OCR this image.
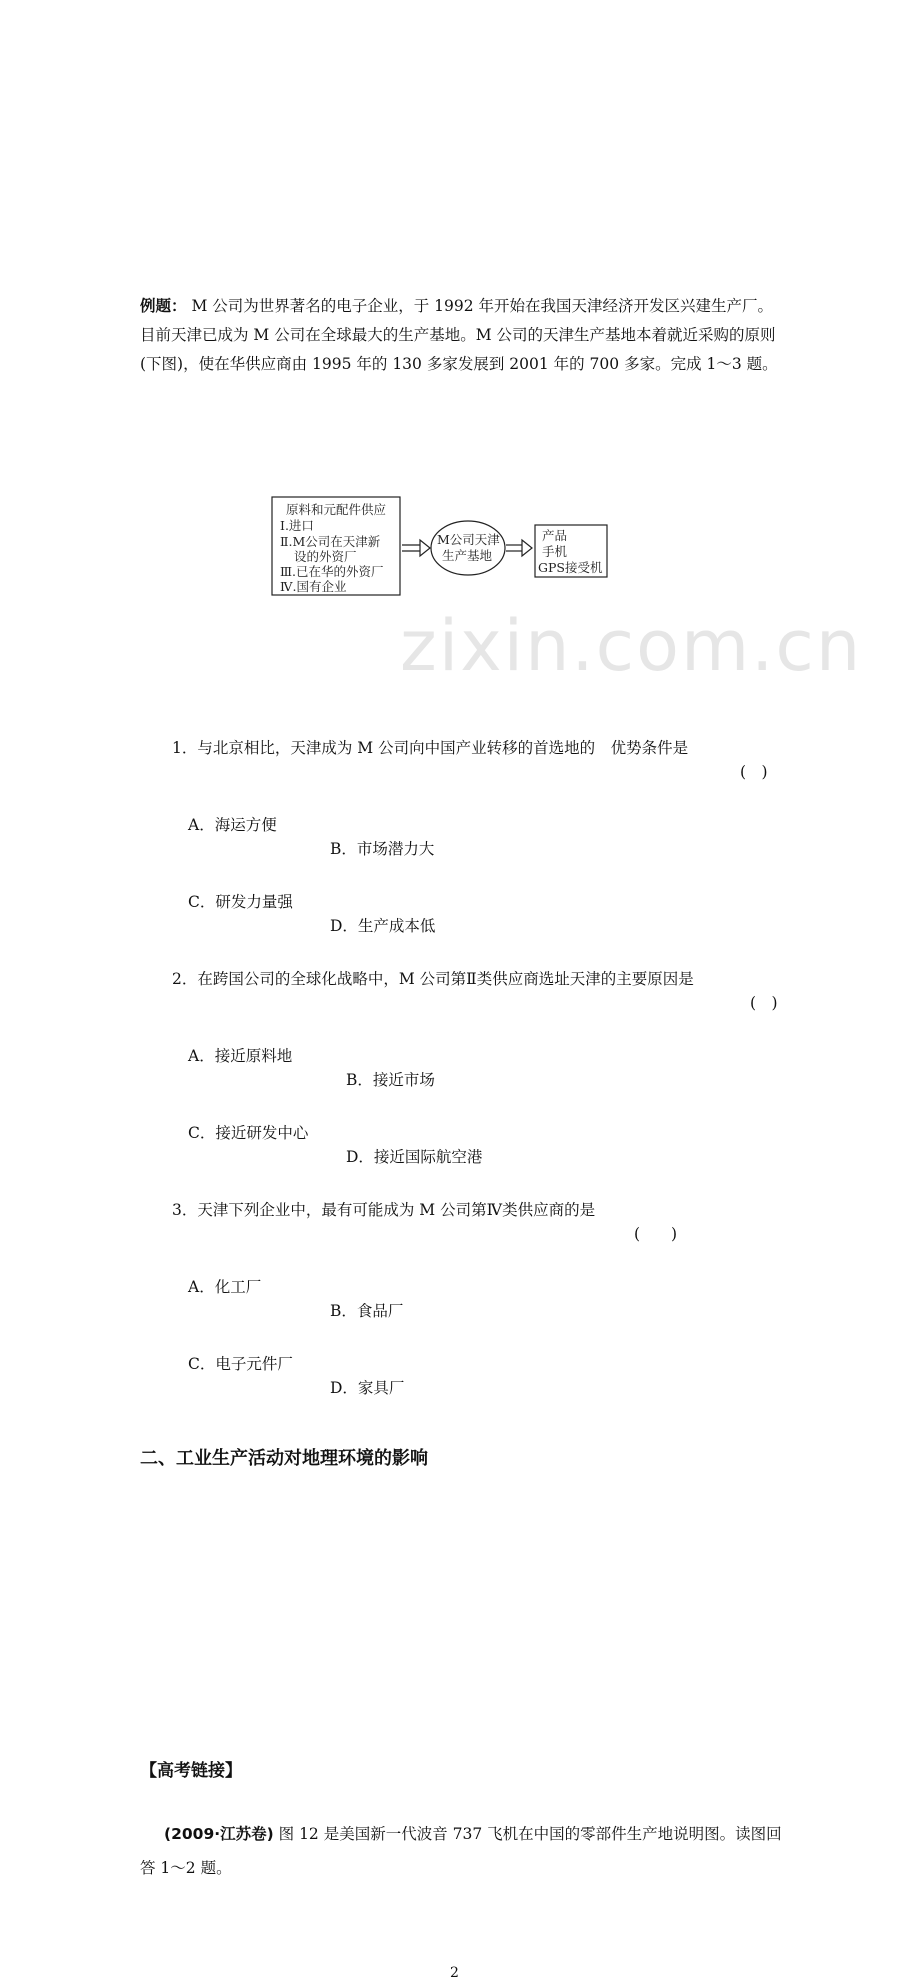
zixin.com.cn
例题： M 公司为世界著名的电子企业，于 1992 年开始在我国天津经济开发区兴建生产厂。目前天津已成为 M 公司在全球最大的生产基地。M 公司的天津生产基地本着就近采购的原则(下图)，使在华供应商由 1995 年的 130 多家发展到 2001 年的 700 多家。完成 1～3 题。
原料和元配件供应
Ⅰ.进口
Ⅱ.M公司在天津新
设的外资厂
Ⅲ.已在华的外资厂
Ⅳ.国有企业
M公司天津
生产基地
产品
手机
GPS接受机
1．与北京相比，天津成为 M 公司向中国产业转移的首选地的　优势条件是
(　)
A．海运方便
B．市场潜力大
C．研发力量强
D．生产成本低
2．在跨国公司的全球化战略中，M 公司第Ⅱ类供应商选址天津的主要原因是
(　)
A．接近原料地
B．接近市场
C．接近研发中心
D．接近国际航空港
3．天津下列企业中，最有可能成为 M 公司第Ⅳ类供应商的是
(　　)
A．化工厂
B．食品厂
C．电子元件厂
D．家具厂
二、工业生产活动对地理环境的影响
【高考链接】
(2009·江苏卷) 图 12 是美国新一代波音 737 飞机在中国的零部件生产地说明图。读图回答 1～2 题。
2
